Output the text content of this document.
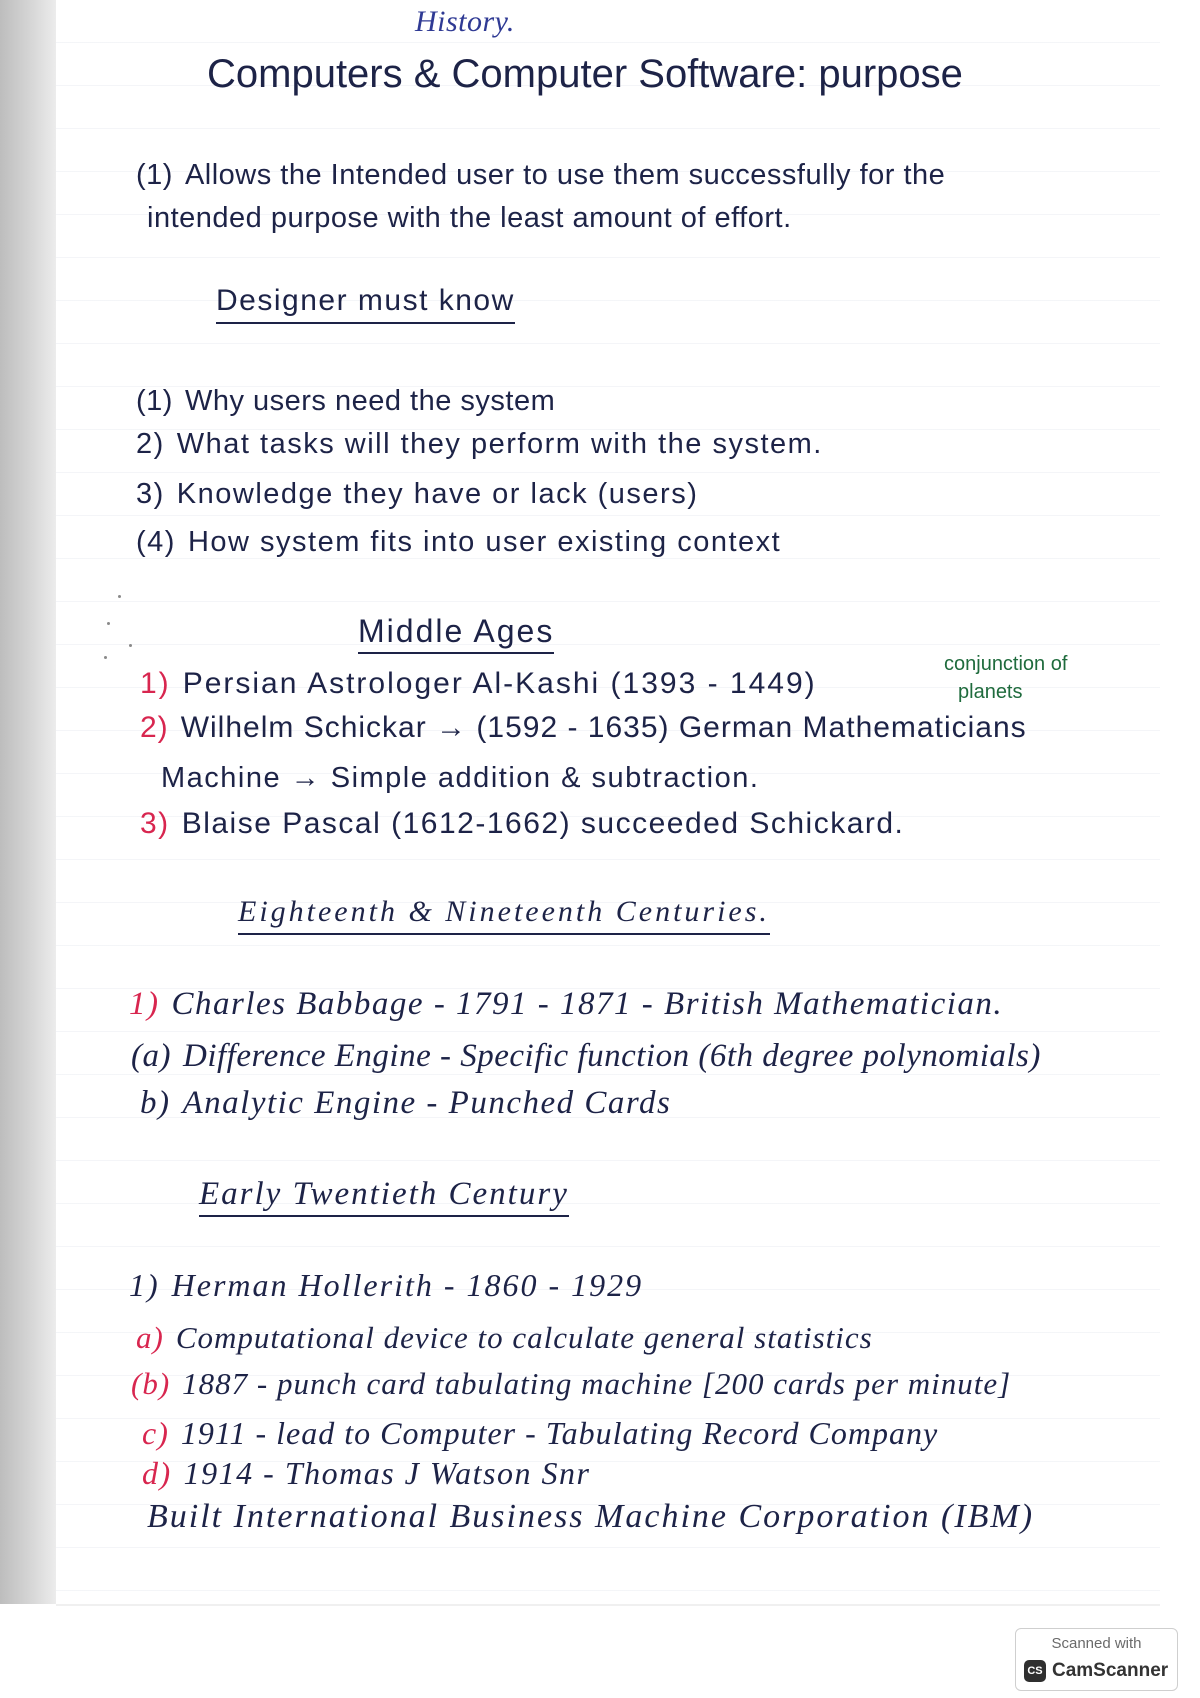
History.
Computers & Computer Software: purpose
(1) Allows the Intended user to use them successfully for the
intended purpose with the least amount of effort.
Designer must know
(1) Why users need the system
2) What tasks will they perform with the system.
3) Knowledge they have or lack (users)
(4) How system fits into user existing context
Middle Ages
1) Persian Astrologer Al-Kashi (1393 - 1449)
conjunction of
planets
2) Wilhelm Schickar → (1592 - 1635) German Mathematicians
Machine → Simple addition & subtraction.
3) Blaise Pascal (1612-1662) succeeded Schickard.
Eighteenth & Nineteenth Centuries.
1) Charles Babbage - 1791 - 1871 - British Mathematician.
(a) Difference Engine - Specific function (6th degree polynomials)
b) Analytic Engine - Punched Cards
Early Twentieth Century
1) Herman Hollerith - 1860 - 1929
a) Computational device to calculate general statistics
(b) 1887 - punch card tabulating machine [200 cards per minute]
c) 1911 - lead to Computer - Tabulating Record Company
d) 1914 - Thomas J Watson Snr
Built International Business Machine Corporation (IBM)
Scanned with
CS CamScanner
